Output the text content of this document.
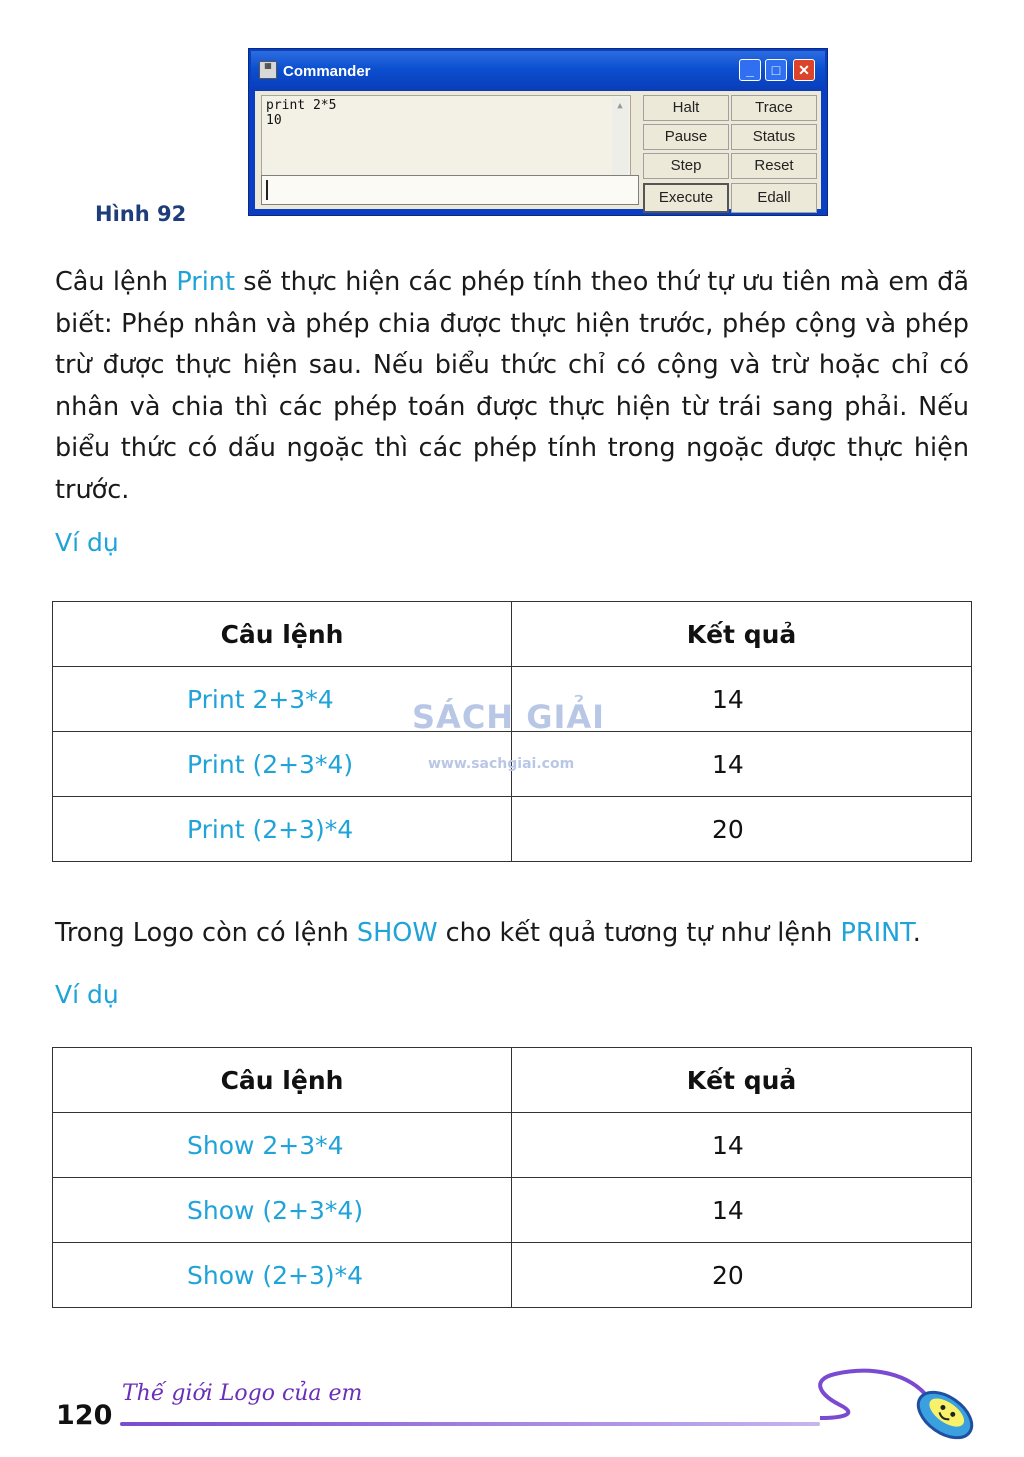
Hình 92
▦ Commander	_	□	✕
print 2*5
10
▲	Halt	Trace
Pause	Status
Step	Reset
Execute	Edall
Câu lệnh Print sẽ thực hiện các phép tính theo thứ tự ưu tiên mà em đã biết: Phép nhân và phép chia được thực hiện trước, phép cộng và phép trừ được thực hiện sau. Nếu biểu thức chỉ có cộng và trừ hoặc chỉ có nhân và chia thì các phép toán được thực hiện từ trái sang phải. Nếu biểu thức có dấu ngoặc thì các phép tính trong ngoặc được thực hiện trước.
Ví dụ
Câu lệnh	Kết quả
Print 2+3*4	14
Print (2+3*4)	14
Print (2+3)*4	20
SÁCH GIẢI
www.sachgiai.com
Trong Logo còn có lệnh SHOW cho kết quả tương tự như lệnh PRINT.
Ví dụ
Câu lệnh	Kết quả
Show 2+3*4	14
Show (2+3*4)	14
Show (2+3)*4	20
120
Thế giới Logo của em
